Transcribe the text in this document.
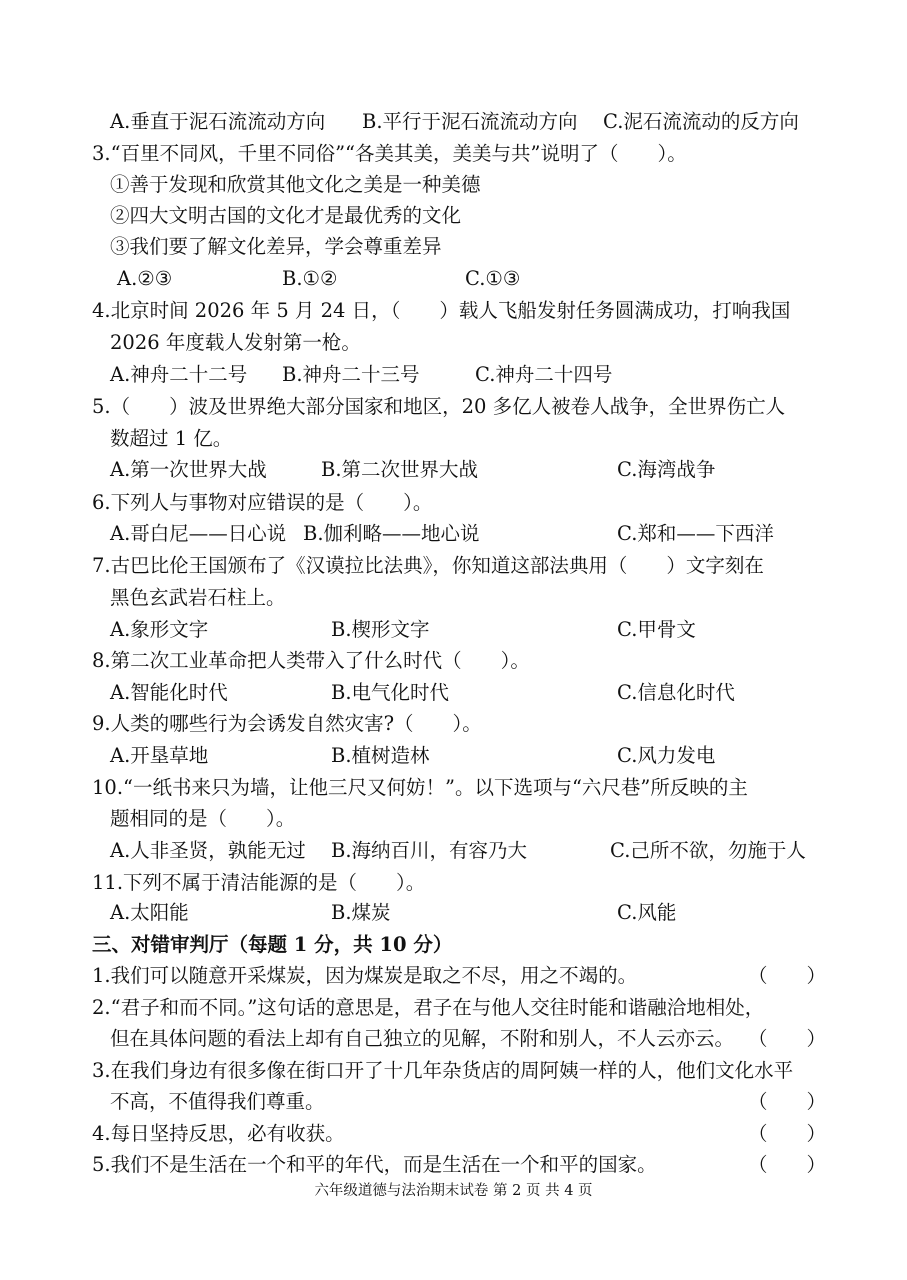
A.垂直于泥石流流动方向 B.平行于泥石流流动方向 C.泥石流流动的反方向
3.“百里不同风，千里不同俗”“各美其美，美美与共”说明了（　　）。
①善于发现和欣赏其他文化之美是一种美德
②四大文明古国的文化才是最优秀的文化
③我们要了解文化差异，学会尊重差异
A.②③	B.①②	C.①③
4.北京时间 2026 年 5 月 24 日，（　　）载人飞船发射任务圆满成功，打响我国
2026 年度载人发射第一枪。
A.神舟二十二号 B.神舟二十三号	C.神舟二十四号
5.（　　）波及世界绝大部分国家和地区，20 多亿人被卷人战争，全世界伤亡人
数超过 1 亿。
A.第一次世界大战	B.第二次世界大战	C.海湾战争
6.下列人与事物对应错误的是（　　）。
A.哥白尼——日心说 B.伽利略——地心说	C.郑和——下西洋
7.古巴比伦王国颁布了《汉谟拉比法典》，你知道这部法典用（　　）文字刻在
黑色玄武岩石柱上。
A.象形文字	B.楔形文字	C.甲骨文
8.第二次工业革命把人类带入了什么时代（　　）。
A.智能化时代	B.电气化时代	C.信息化时代
9.人类的哪些行为会诱发自然灾害?（　　）。
A.开垦草地	B.植树造林	C.风力发电
10.“一纸书来只为墙，让他三尺又何妨！”。以下选项与“六尺巷”所反映的主
题相同的是（　　）。
A.人非圣贤，孰能无过 B.海纳百川，有容乃大	C.己所不欲，勿施于人
11.下列不属于清洁能源的是（　　）。
A.太阳能	B.煤炭	C.风能
三、对错审判厅（每题 1 分，共 10 分）
1.我们可以随意开采煤炭，因为煤炭是取之不尽，用之不竭的。	（　　）
2.“君子和而不同。”这句话的意思是，君子在与他人交往时能和谐融洽地相处，
但在具体问题的看法上却有自己独立的见解，不附和别人，不人云亦云。 （　　）
3.在我们身边有很多像在街口开了十几年杂货店的周阿姨一样的人，他们文化水平
不高，不值得我们尊重。	（　　）
4.每日坚持反思，必有收获。	（　　）
5.我们不是生活在一个和平的年代，而是生活在一个和平的国家。	（　　）
六年级道德与法治期末试卷 第 2 页 共 4 页
